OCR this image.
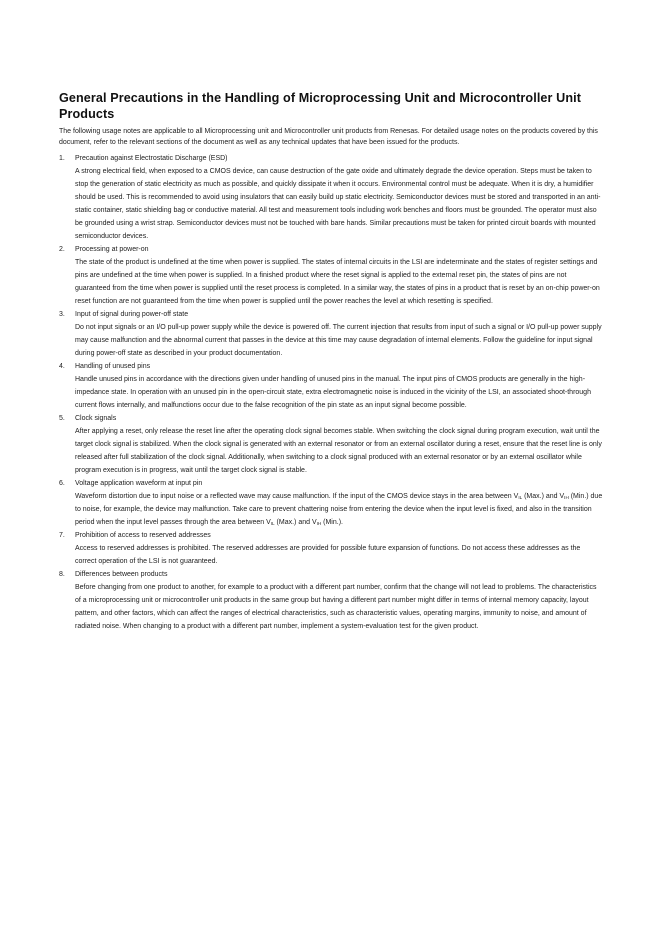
General Precautions in the Handling of Microprocessing Unit and Microcontroller Unit Products

The following usage notes are applicable to all Microprocessing unit and Microcontroller unit products from Renesas. For detailed usage notes on the products covered by this document, refer to the relevant sections of the document as well as any technical updates that have been issued for the products.

1.	Precaution against Electrostatic Discharge (ESD)

A strong electrical field, when exposed to a CMOS device, can cause destruction of the gate oxide and ultimately degrade the device operation. Steps must be taken to stop the generation of static electricity as much as possible, and quickly dissipate it when it occurs. Environmental control must be adequate. When it is dry, a humidifier should be used. This is recommended to avoid using insulators that can easily build up static electricity. Semiconductor devices must be stored and transported in an anti-static container, static shielding bag or conductive material. All test and measurement tools including work benches and floors must be grounded. The operator must also be grounded using a wrist strap. Semiconductor devices must not be touched with bare hands. Similar precautions must be taken for printed circuit boards with mounted semiconductor devices.

2.	Processing at power-on

The state of the product is undefined at the time when power is supplied. The states of internal circuits in the LSI are indeterminate and the states of register settings and pins are undefined at the time when power is supplied. In a finished product where the reset signal is applied to the external reset pin, the states of pins are not guaranteed from the time when power is supplied until the reset process is completed. In a similar way, the states of pins in a product that is reset by an on-chip power-on reset function are not guaranteed from the time when power is supplied until the power reaches the level at which resetting is specified.

3.	Input of signal during power-off state

Do not input signals or an I/O pull-up power supply while the device is powered off. The current injection that results from input of such a signal or I/O pull-up power supply may cause malfunction and the abnormal current that passes in the device at this time may cause degradation of internal elements. Follow the guideline for input signal during power-off state as described in your product documentation.

4.	Handling of unused pins

Handle unused pins in accordance with the directions given under handling of unused pins in the manual. The input pins of CMOS products are generally in the high-impedance state. In operation with an unused pin in the open-circuit state, extra electromagnetic noise is induced in the vicinity of the LSI, an associated shoot-through current flows internally, and malfunctions occur due to the false recognition of the pin state as an input signal become possible.

5.	Clock signals

After applying a reset, only release the reset line after the operating clock signal becomes stable. When switching the clock signal during program execution, wait until the target clock signal is stabilized. When the clock signal is generated with an external resonator or from an external oscillator during a reset, ensure that the reset line is only released after full stabilization of the clock signal. Additionally, when switching to a clock signal produced with an external resonator or by an external oscillator while program execution is in progress, wait until the target clock signal is stable.

6.	Voltage application waveform at input pin

Waveform distortion due to input noise or a reflected wave may cause malfunction. If the input of the CMOS device stays in the area between $V_{IL}$ (Max.) and $V_{IH}$ (Min.) due to noise, for example, the device may malfunction. Take care to prevent chattering noise from entering the device when the input level is fixed, and also in the transition period when the input level passes through the area between $V_{IL}$ (Max.) and $V_{IH}$ (Min.).

7.	Prohibition of access to reserved addresses

Access to reserved addresses is prohibited. The reserved addresses are provided for possible future expansion of functions. Do not access these addresses as the correct operation of the LSI is not guaranteed.

8.	Differences between products

Before changing from one product to another, for example to a product with a different part number, confirm that the change will not lead to problems. The characteristics of a microprocessing unit or microcontroller unit products in the same group but having a different part number might differ in terms of internal memory capacity, layout pattern, and other factors, which can affect the ranges of electrical characteristics, such as characteristic values, operating margins, immunity to noise, and amount of radiated noise. When changing to a product with a different part number, implement a system-evaluation test for the given product.
